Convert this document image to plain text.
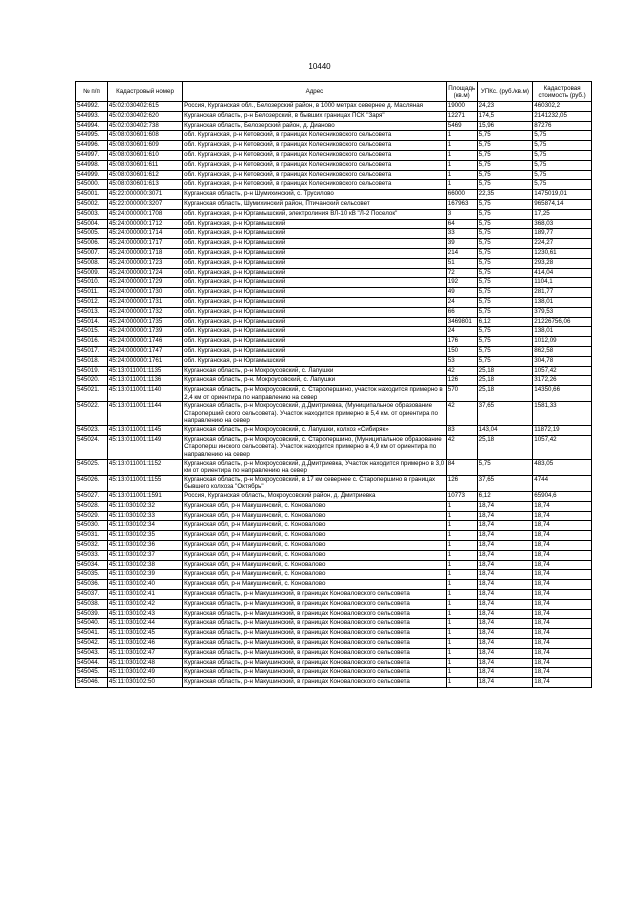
10440
№ п/п	Кадастровый номер	Адрес	Площадь (кв.м)	УПКс. (руб./кв.м)	Кадастровая стоимость (руб.)
544992.	45:02:030402:615	Россия, Курганская обл., Белозерский район, в 1000 метрах севернее д. Масляная	19000	24,23	460302,2
544993.	45:02:030402:620	Курганская область, р-н Белозерский, в бывших границах ПСК "Заря"	12271	174,5	2141232,05
544994.	45:02:030402:738	Курганская область, Белозерский район, д. Дианово	5469	15,96	87276
544995.	45:08:030601:608	обл. Курганская, р-н Кетовский, в границах Колесниковского сельсовета	1	5,75	5,75
544996.	45:08:030601:609	обл. Курганская, р-н Кетовский, в границах Колесниковского сельсовета	1	5,75	5,75
544997.	45:08:030601:610	обл. Курганская, р-н Кетовский, в границах Колесниковского сельсовета	1	5,75	5,75
544998.	45:08:030601:611	обл. Курганская, р-н Кетовский, в границах Колесниковского сельсовета	1	5,75	5,75
544999.	45:08:030601:612	обл. Курганская, р-н Кетовский, в границах Колесниковского сельсовета	1	5,75	5,75
545000.	45:08:030601:613	обл. Курганская, р-н Кетовский, в границах Колесниковского сельсовета	1	5,75	5,75
545001.	45:22:000000:3071	Курганская область, р-н Шумихинский, с. Трусилово	66000	22,35	1475019,01
545002.	45:22:000000:3207	Курганская область, Шумихинский район, Птичанский сельсовет	167963	5,75	965874,14
545003.	45:24:000000:1708	обл. Курганская, р-н Юргамышский, электролиния ВЛ-10 кВ "Л-2 Поселок"	3	5,75	17,25
545004.	45:24:000000:1712	обл. Курганская, р-н Юргамышский	64	5,75	368,03
545005.	45:24:000000:1714	обл. Курганская, р-н Юргамышский	33	5,75	189,77
545006.	45:24:000000:1717	обл. Курганская, р-н Юргамышский	39	5,75	224,27
545007.	45:24:000000:1718	обл. Курганская, р-н Юргамышский	214	5,75	1230,61
545008.	45:24:000000:1723	обл. Курганская, р-н Юргамышский	51	5,75	293,28
545009.	45:24:000000:1724	обл. Курганская, р-н Юргамышский	72	5,75	414,04
545010.	45:24:000000:1729	обл. Курганская, р-н Юргамышский	192	5,75	1104,1
545011.	45:24:000000:1730	обл. Курганская, р-н Юргамышский	49	5,75	281,77
545012.	45:24:000000:1731	обл. Курганская, р-н Юргамышский	24	5,75	138,01
545013.	45:24:000000:1732	обл. Курганская, р-н Юргамышский	66	5,75	379,53
545014.	45:24:000000:1735	обл. Курганская, р-н Юргамышский	3469801	6,12	21226756,06
545015.	45:24:000000:1739	обл. Курганская, р-н Юргамышский	24	5,75	138,01
545016.	45:24:000000:1746	обл. Курганская, р-н Юргамышский	176	5,75	1012,09
545017.	45:24:000000:1747	обл. Курганская, р-н Юргамышский	150	5,75	862,58
545018.	45:24:000000:1761	обл. Курганская, р-н Юргамышский	53	5,75	304,78
545019.	45:13:011001:1135	Курганская область, р-н Мокроусовский, с. Лапушки	42	25,18	1057,42
545020.	45:13:011001:1136	Курганская область, р-н. Мокроусовский, с. Лапушки	126	25,18	3172,26
545021.	45:13:011001:1140	Курганская область, р-н Мокроусовский, с. Старопершино, участок находится примерно в 2,4 км от ориентира по направлению на север	570	25,18	14350,66
545022.	45:13:011001:1144	Курганская область, р-н Мокроусовский, д.Дмитриевка, (Муниципальное образование Староперший ского сельсовета). Участок находится примерно в 5,4 км. от ориентира по направлению на север	42	37,65	1581,33
545023.	45:13:011001:1145	Курганская область, р-н Мокроусовский, с. Лапушки, колхоз «Сибиряк»	83	143,04	11872,19
545024.	45:13:011001:1149	Курганская область, р-н Мокроусовский, с. Старопершино, (Муниципальное образование Староперш инского сельсовета). Участок находится примерно в 4,9 км от ориентира по направлению на север	42	25,18	1057,42
545025.	45:13:011001:1152	Курганская область, р-н Мокроусовский, д.Дмитриевка, Участок находится примерно в 3,0 км от ориентира по направлению на север	84	5,75	483,05
545026.	45:13:011001:1155	Курганская область, р-н Мокроусовский, в 17 км севернее с. Старопершино в границах бывшего колхоза "Октябрь"	126	37,65	4744
545027.	45:13:011001:1591	Россия, Курганская область, Мокроусовский район, д. Дмитриевка	10773	6,12	65904,6
545028.	45:11:030102:32	Курганская обл, р-н Макушинский, с. Коновалово	1	18,74	18,74
545029.	45:11:030102:33	Курганская обл, р-н Макушинский, с. Коновалово	1	18,74	18,74
545030.	45:11:030102:34	Курганская обл, р-н Макушинский, с. Коновалово	1	18,74	18,74
545031.	45:11:030102:35	Курганская обл, р-н Макушинский, с. Коновалово	1	18,74	18,74
545032.	45:11:030102:36	Курганская обл, р-н Макушинский, с. Коновалово	1	18,74	18,74
545033.	45:11:030102:37	Курганская обл, р-н Макушинский, с. Коновалово	1	18,74	18,74
545034.	45:11:030102:38	Курганская обл, р-н Макушинский, с. Коновалово	1	18,74	18,74
545035.	45:11:030102:39	Курганская обл, р-н Макушинский, с. Коновалово	1	18,74	18,74
545036.	45:11:030102:40	Курганская обл, р-н Макушинский, с. Коновалово	1	18,74	18,74
545037.	45:11:030102:41	Курганская область, р-н Макушинский, в границах Коноваловского сельсовета	1	18,74	18,74
545038.	45:11:030102:42	Курганская область, р-н Макушинский, в границах Коноваловского сельсовета	1	18,74	18,74
545039.	45:11:030102:43	Курганская область, р-н Макушинский, в границах Коноваловского сельсовета	1	18,74	18,74
545040.	45:11:030102:44	Курганская область, р-н Макушинский, в границах Коноваловского сельсовета	1	18,74	18,74
545041.	45:11:030102:45	Курганская область, р-н Макушинский, в границах Коноваловского сельсовета	1	18,74	18,74
545042.	45:11:030102:46	Курганская область, р-н Макушинский, в границах Коноваловского сельсовета	1	18,74	18,74
545043.	45:11:030102:47	Курганская область, р-н Макушинский, в границах Коноваловского сельсовета	1	18,74	18,74
545044.	45:11:030102:48	Курганская область, р-н Макушинский, в границах Коноваловского сельсовета	1	18,74	18,74
545045.	45:11:030102:49	Курганская область, р-н Макушинский, в границах Коноваловского сельсовета	1	18,74	18,74
545046.	45:11:030102:50	Курганская область, р-н Макушинский, в границах Коноваловского сельсовета	1	18,74	18,74
